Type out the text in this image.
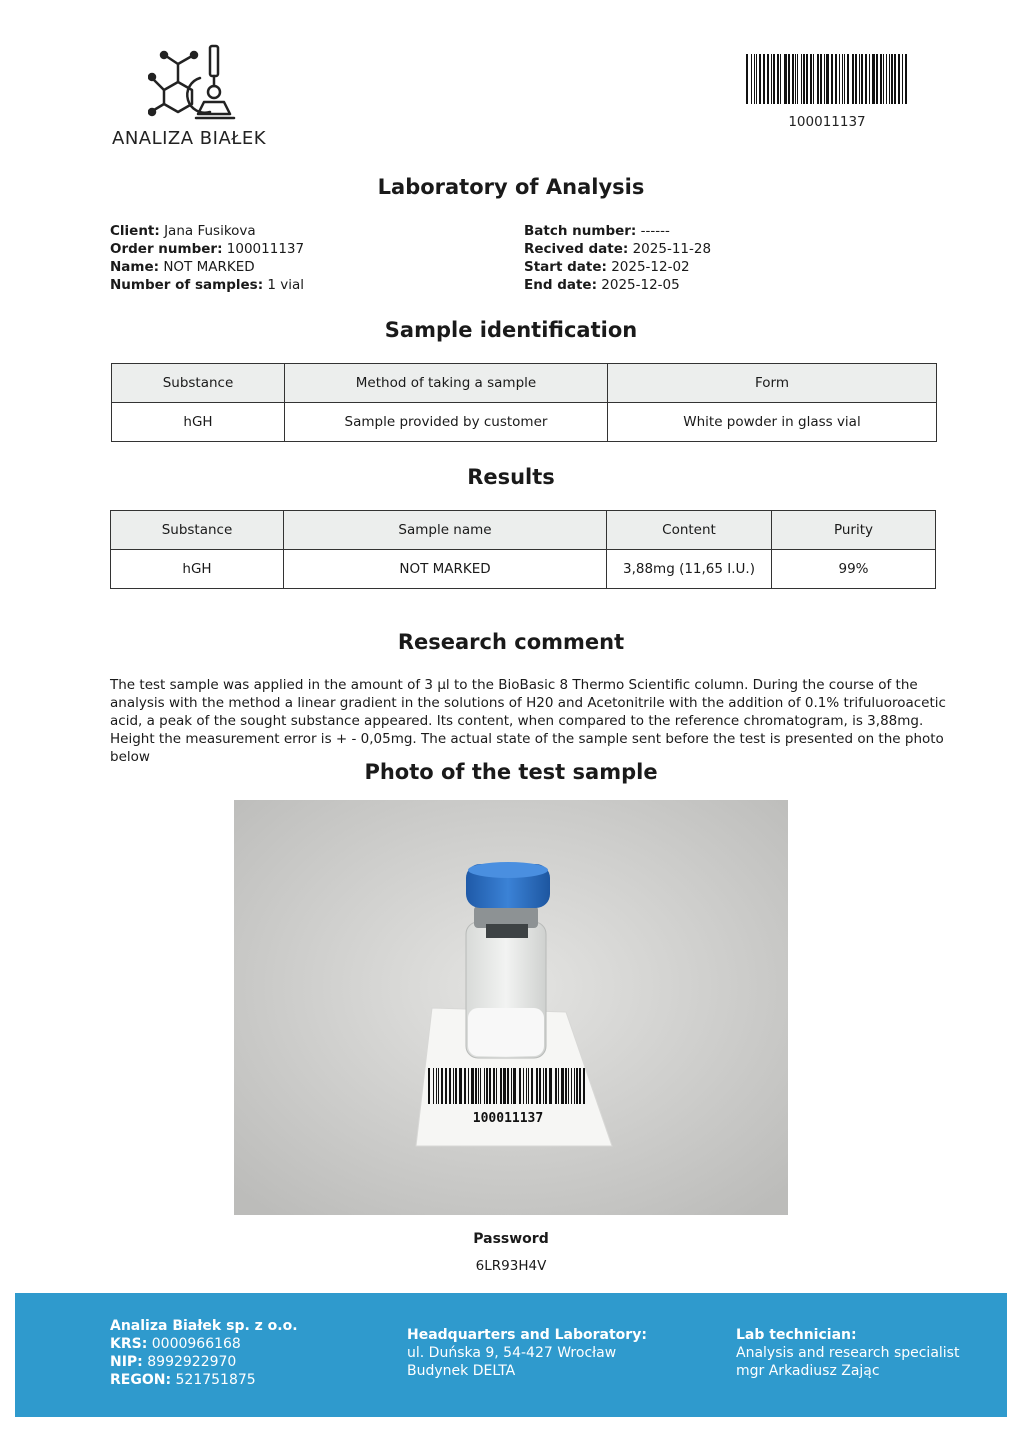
ANALIZA BIAŁEK
100011137
Laboratory of Analysis
Client: Jana Fusikova
Order number: 100011137
Name: NOT MARKED
Number of samples: 1 vial
Batch number: ------
Recived date: 2025-11-28
Start date: 2025-12-02
End date: 2025-12-05
Sample identification
Substance	Method of taking a sample	Form
hGH	Sample provided by customer	White powder in glass vial
Results
Substance	Sample name	Content	Purity
hGH	NOT MARKED	3,88mg (11,65 I.U.)	99%
Research comment
The test sample was applied in the amount of 3 µl to the BioBasic 8 Thermo Scientific column. During the course of the analysis with the method a linear gradient in the solutions of H20 and Acetonitrile with the addition of 0.1% trifuluoroacetic acid, a peak of the sought substance appeared. Its content, when compared to the reference chromatogram, is 3,88mg. Height the measurement error is + - 0,05mg. The actual state of the sample sent before the test is presented on the photo below
Photo of the test sample
100011137
Password
6LR93H4V
Analiza Białek sp. z o.o.
KRS: 0000966168
NIP: 8992922970
REGON: 521751875
Headquarters and Laboratory:
ul. Duńska 9, 54-427 Wrocław
Budynek DELTA
Lab technician:
Analysis and research specialist
mgr Arkadiusz Zając
